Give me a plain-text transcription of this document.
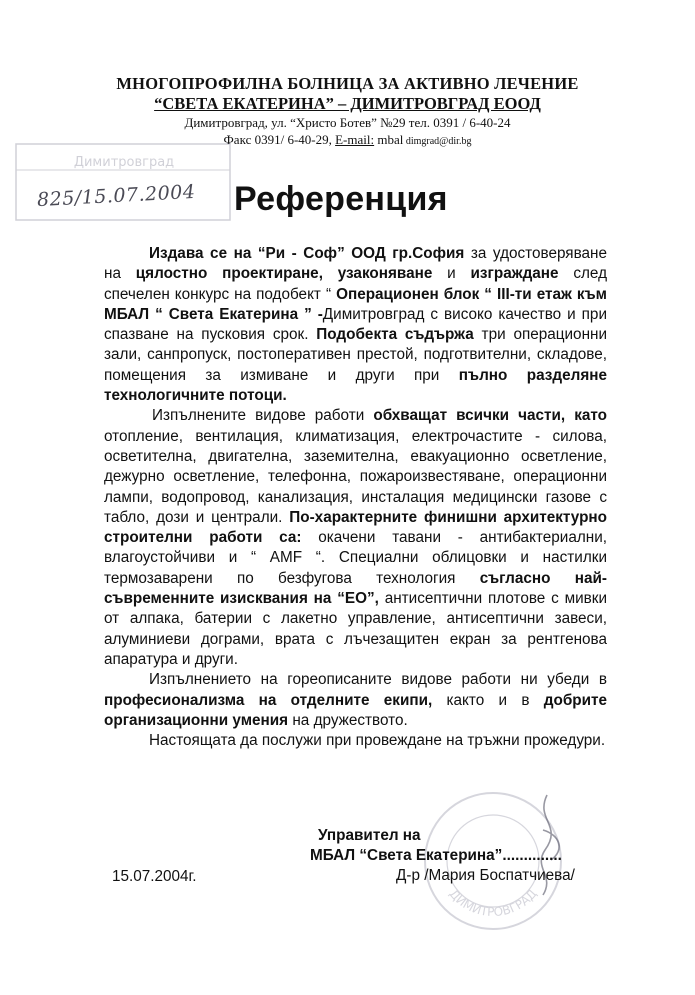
МНОГОПРОФИЛНА БОЛНИЦА ЗА АКТИВНО ЛЕЧЕНИЕ
“СВЕТА ЕКАТЕРИНА” – ДИМИТРОВГРАД ЕООД
Димитровград, ул. “Христо Ботев” №29 тел. 0391 / 6-40-24
Факс 0391/ 6-40-29, E-mail: mbal dimgrad@dir.bg
Димитровград
825/15.07.2004 Референция

Издава се на “Ри - Соф” ООД гр.София за удостоверяване на цялостно проектиране, узаконяване и изграждане след спечелен конкурс на подобект “ Операционен блок “ III-ти етаж към МБАЛ “ Света Екатерина ” -Димитровград с високо качество и при спазване на пусковия срок. Подобекта съдържа три операционни зали, санпропуск, постоперативен престой, подготвителни, складове, помещения за измиване и други при пълно разделяне технологичните потоци.

Изпълнените видове работи обхващат всички части, като отопление, вентилация, климатизация, електрочастите - силова, осветителна, двигателна, заземителна, евакуационно осветление, дежурно осветление, телефонна, пожароизвестяване, операционни лампи, водопровод, канализация, инсталация медицински газове с табло, дози и централи. По-характерните финишни архитектурно строителни работи са: окачени тавани - антибактериални, влагоустойчиви и “ AMF “. Специални облицовки и настилки термозаварени по безфугова технология съгласно най-съвременните изисквания на “ЕО”, антисептични плотове с мивки от алпака, батерии с лакетно управление, антисептични завеси, алуминиеви дограми, врата с лъчезащитен екран за рентгенова апаратура и други.

Изпълнението на гореописаните видове работи ни убеди в професионализма на отделните екипи, както и в добрите организационни умения на дружеството.

Настоящата да послужи при провеждане на тръжни прожедури.

ДИМИТРОВГРАД
Управител на
МБАЛ “Света Екатерина”..............
Д-р /Мария Боспатчиева/
15.07.2004г.
